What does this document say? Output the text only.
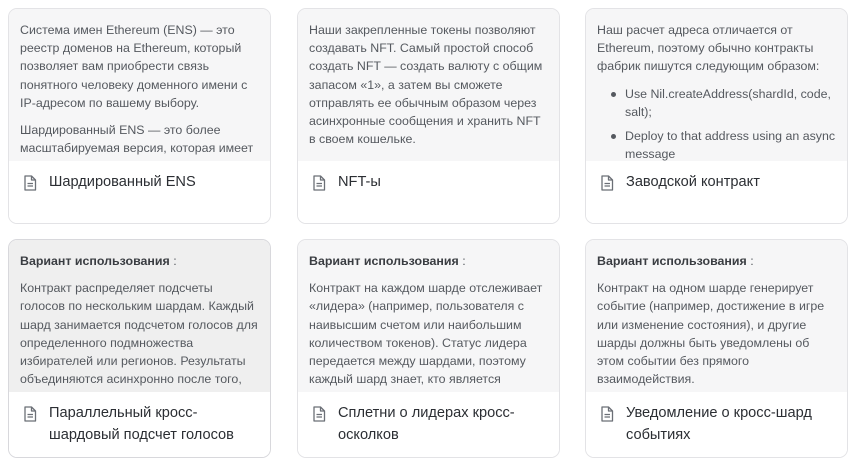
Система имен Ethereum (ENS) — это реестр доменов на Ethereum, который позволяет вам приобрести связь понятного человеку доменного имени с IP-адресом по вашему выбору.

Шардированный ENS — это более масштабируемая версия, которая имеет

Шардированный ENS

Наши закрепленные токены позволяют создавать NFT. Самый простой способ создать NFT — создать валюту с общим запасом «1», а затем вы сможете отправлять ее обычным образом через асинхронные сообщения и хранить NFT в своем кошельке.

NFT-ы

Наш расчет адреса отличается от Ethereum, поэтому обычно контракты фабрик пишутся следующим образом:

Use Nil.createAddress(shardId, code, salt);
Deploy to that address using an async message
Заводской контракт

Вариант использования :

Контракт распределяет подсчеты голосов по нескольким шардам. Каждый шард занимается подсчетом голосов для определенного подмножества избирателей или регионов. Результаты объединяются асинхронно после того,

Параллельный кросс-шардовый подсчет голосов

Вариант использования :

Контракт на каждом шарде отслеживает «лидера» (например, пользователя с наивысшим счетом или наибольшим количеством токенов). Статус лидера передается между шардами, поэтому каждый шард знает, кто является

Сплетни о лидерах кросс-осколков

Вариант использования :

Контракт на одном шарде генерирует событие (например, достижение в игре или изменение состояния), и другие шарды должны быть уведомлены об этом событии без прямого взаимодействия.

Уведомление о кросс-шард событиях
